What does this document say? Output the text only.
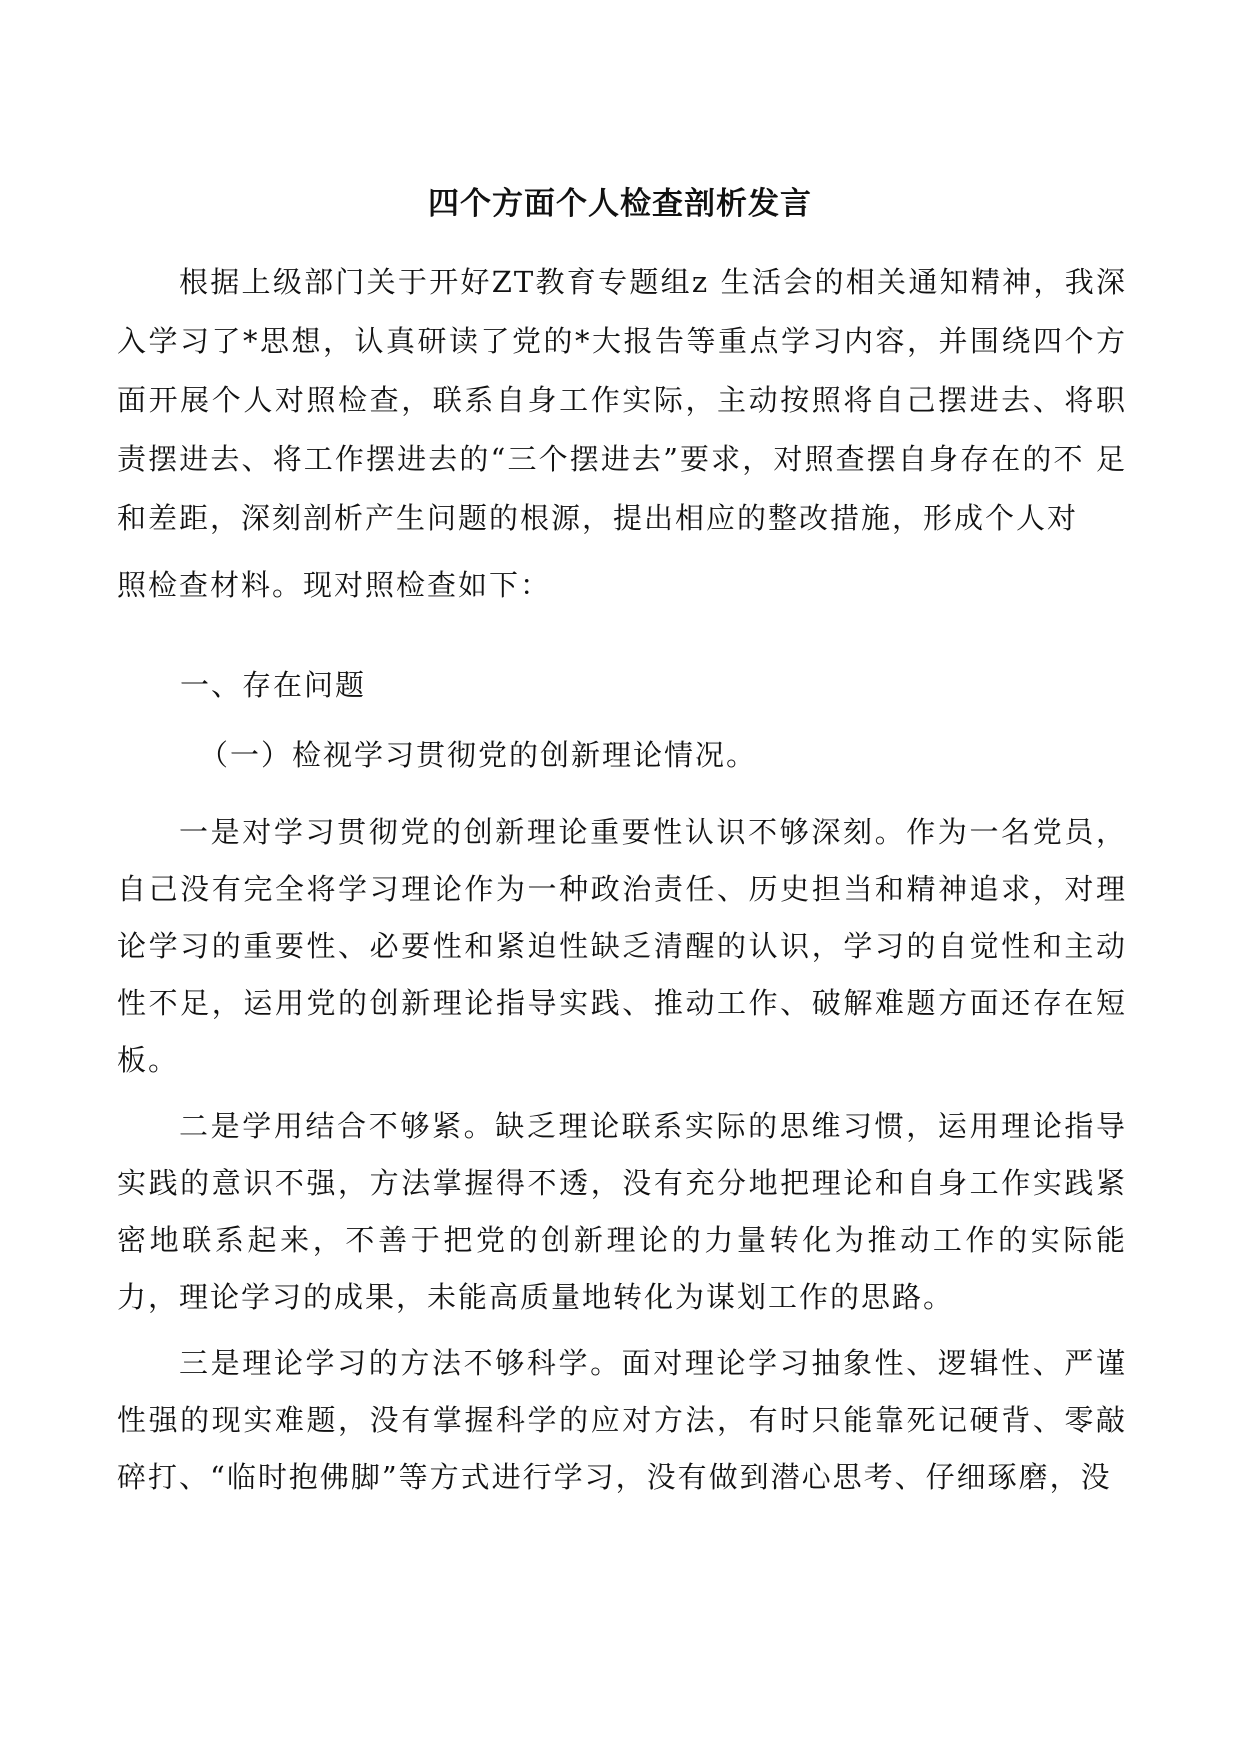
四个方面个人检查剖析发言

根据上级部门关于开好ZT教育专题组z 生活会的相关通知精神，我深 入学习了*思想，认真研读了党的*大报告等重点学习内容，并围绕四个方 面开展个人对照检查，联系自身工作实际，主动按照将自己摆进去、将职 责摆进去、将工作摆进去的“三个摆进去”要求，对照查摆自身存在的不 足和差距，深刻剖析产生问题的根源，提出相应的整改措施，形成个人对

照检查材料。现对照检查如下：

一、存在问题

（一）检视学习贯彻党的创新理论情况。

一是对学习贯彻党的创新理论重要性认识不够深刻。作为一名党员，自己没有完全将学习理论作为一种政治责任、历史担当和精神追求，对理论学习的重要性、必要性和紧迫性缺乏清醒的认识，学习的自觉性和主动性不足，运用党的创新理论指导实践、推动工作、破解难题方面还存在短板。

二是学用结合不够紧。缺乏理论联系实际的思维习惯，运用理论指导实践的意识不强，方法掌握得不透，没有充分地把理论和自身工作实践紧密地联系起来，不善于把党的创新理论的力量转化为推动工作的实际能力，理论学习的成果，未能高质量地转化为谋划工作的思路。

三是理论学习的方法不够科学。面对理论学习抽象性、逻辑性、严谨性强的现实难题，没有掌握科学的应对方法，有时只能靠死记硬背、零敲碎打、“临时抱佛脚”等方式进行学习，没有做到潜心思考、仔细琢磨，没
